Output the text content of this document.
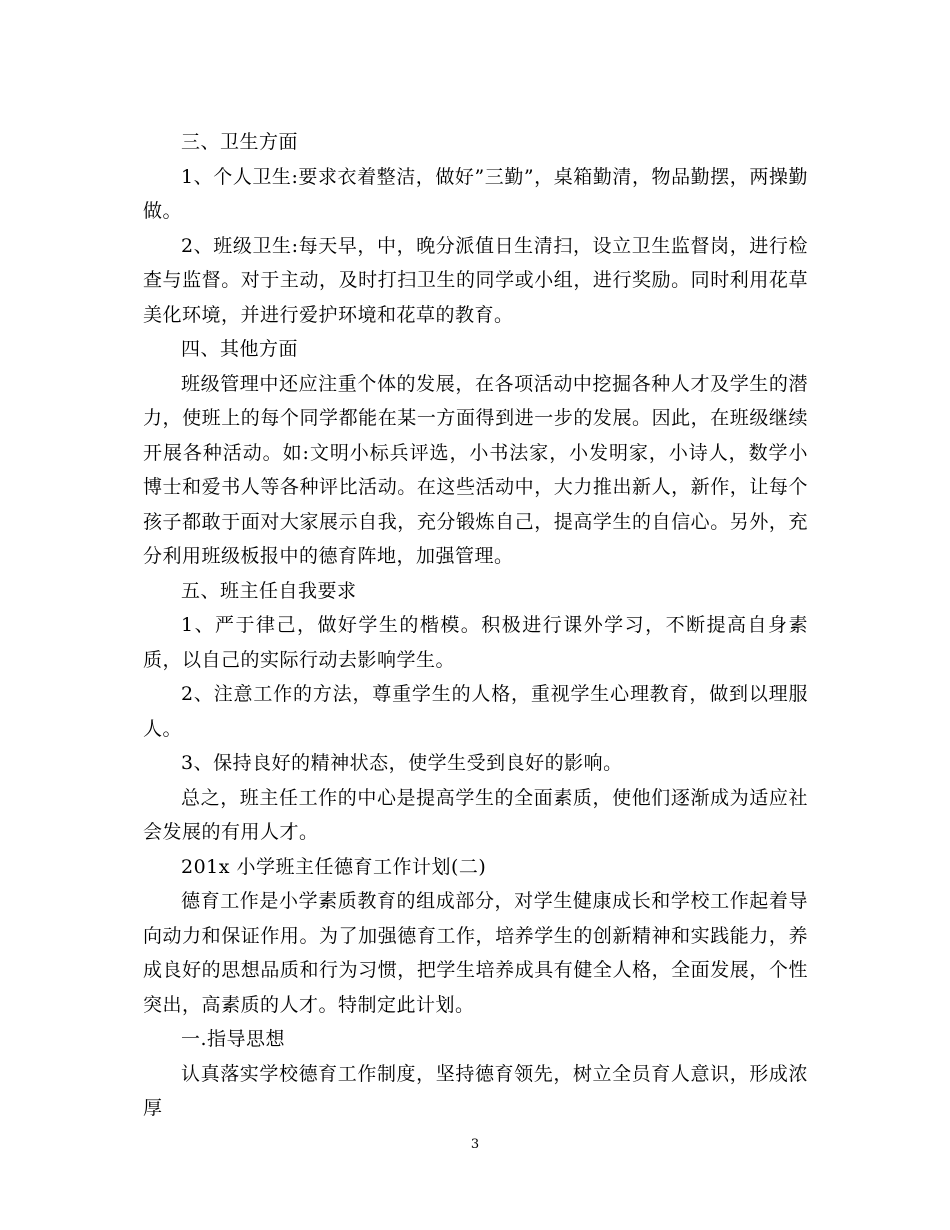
三、卫生方面

1、个人卫生:要求衣着整洁，做好”三勤”，桌箱勤清，物品勤摆，两操勤做。

2、班级卫生:每天早，中，晚分派值日生清扫，设立卫生监督岗，进行检查与监督。对于主动，及时打扫卫生的同学或小组，进行奖励。同时利用花草美化环境，并进行爱护环境和花草的教育。

四、其他方面

班级管理中还应注重个体的发展，在各项活动中挖掘各种人才及学生的潜力，使班上的每个同学都能在某一方面得到进一步的发展。因此，在班级继续开展各种活动。如:文明小标兵评选，小书法家，小发明家，小诗人，数学小博士和爱书人等各种评比活动。在这些活动中，大力推出新人，新作，让每个孩子都敢于面对大家展示自我，充分锻炼自己，提高学生的自信心。另外，充分利用班级板报中的德育阵地，加强管理。

五、班主任自我要求

1、严于律己，做好学生的楷模。积极进行课外学习，不断提高自身素质，以自己的实际行动去影响学生。

2、注意工作的方法，尊重学生的人格，重视学生心理教育，做到以理服人。

3、保持良好的精神状态，使学生受到良好的影响。

总之，班主任工作的中心是提高学生的全面素质，使他们逐渐成为适应社会发展的有用人才。

201x 小学班主任德育工作计划(二)

德育工作是小学素质教育的组成部分，对学生健康成长和学校工作起着导向动力和保证作用。为了加强德育工作，培养学生的创新精神和实践能力，养成良好的思想品质和行为习惯，把学生培养成具有健全人格，全面发展，个性突出，高素质的人才。特制定此计划。

一.指导思想

认真落实学校德育工作制度，坚持德育领先，树立全员育人意识，形成浓厚

3
